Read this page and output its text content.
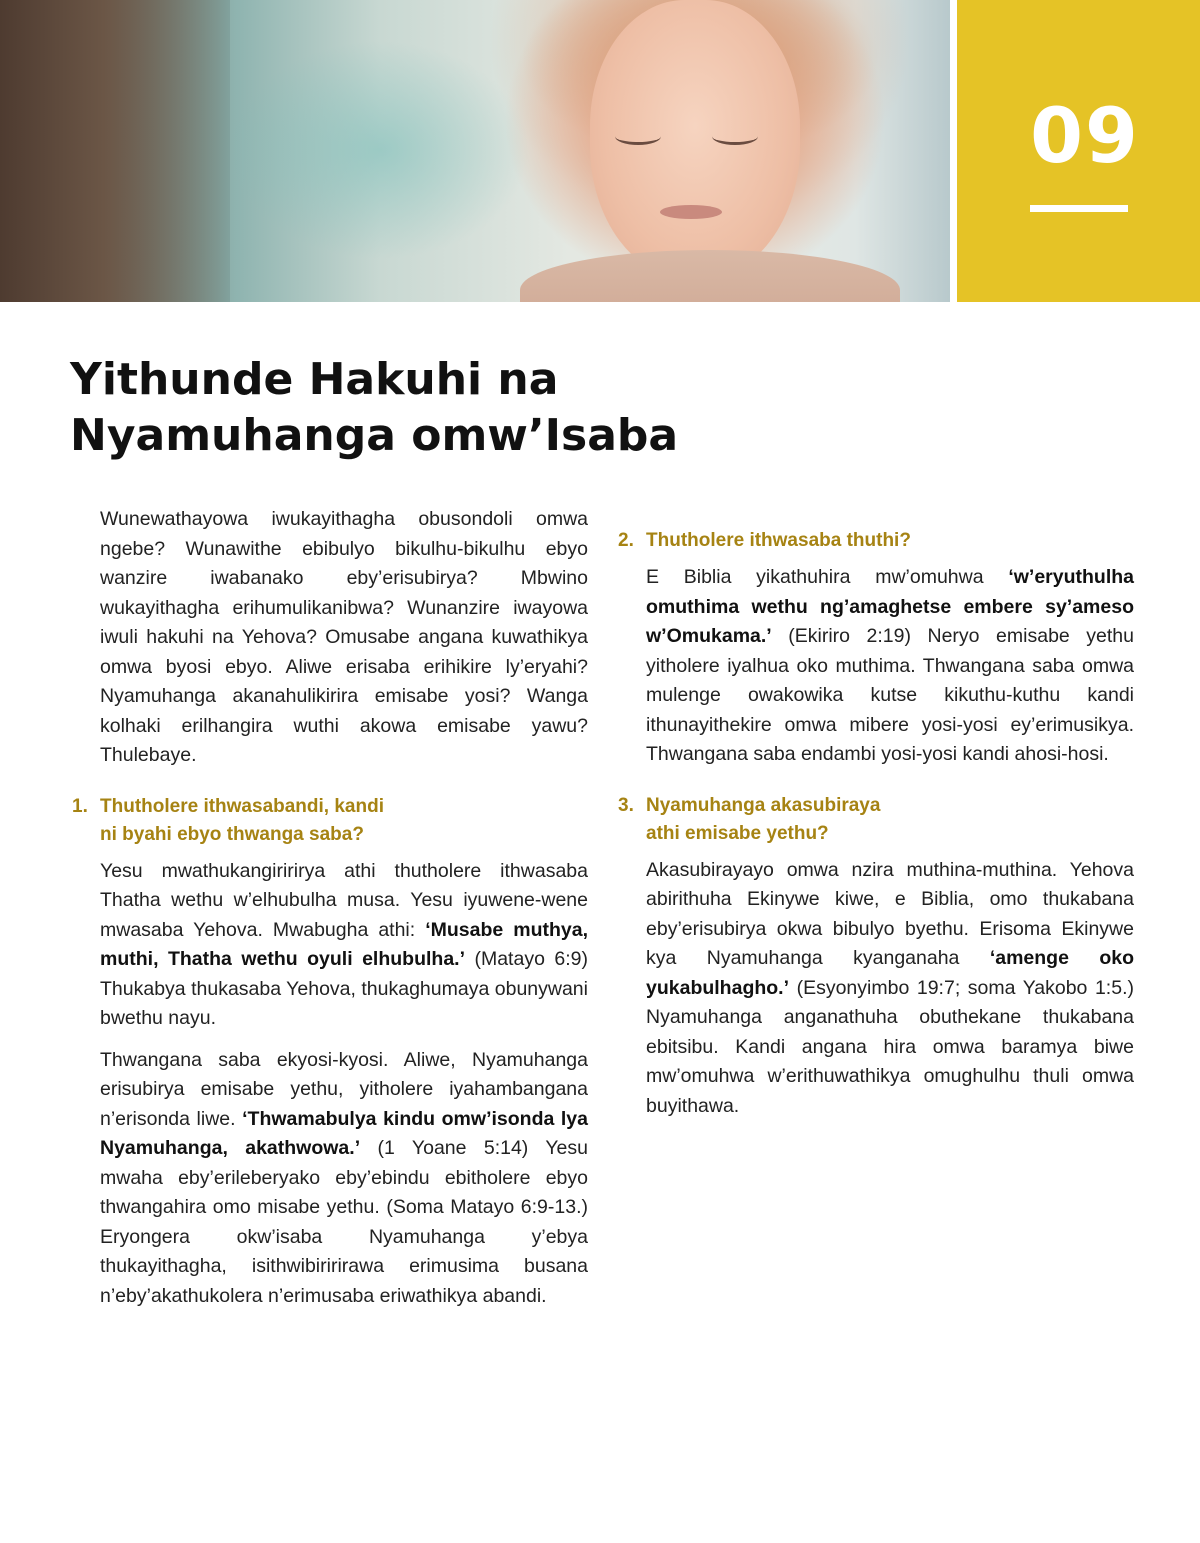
09
Yithunde Hakuhi na
Nyamuhanga omw’Isaba

Wunewathayowa iwukayithagha obusondoli omwa ngebe? Wunawithe ebibulyo bikulhu-bikulhu ebyo wanzire iwabanako eby’erisubirya? Mbwino wukayithagha erihumulikanibwa? Wunanzire iwayowa iwuli hakuhi na Yehova? Omusabe angana kuwathikya omwa byosi ebyo. Aliwe erisaba erihikire ly’eryahi? Nyamuhanga akanahulikirira emisabe yosi? Wanga kolhaki erilhangira wuthi akowa emisabe yawu? Thulebaye.

1. Thutholere ithwasabandi, kandi
ni byahi ebyo thwanga saba?

Yesu mwathukangiririrya athi thutholere ithwasaba Thatha wethu w’elhubulha musa. Yesu iyuwene-wene mwasaba Yehova. Mwabugha athi: ‘Musabe muthya, muthi, Thatha wethu oyuli elhubulha.’ (Matayo 6:9) Thukabya thukasaba Yehova, thukaghumaya obunywani bwethu nayu.

Thwangana saba ekyosi-kyosi. Aliwe, Nyamuhanga erisubirya emisabe yethu, yitholere iyahambangana n’erisonda liwe. ‘Thwamabulya kindu omw’isonda lya Nyamuhanga, akathwowa.’ (1 Yoane 5:14) Yesu mwaha eby’erileberyako eby’ebindu ebitholere ebyo thwangahira omo misabe yethu. (Soma Matayo 6:9-13.) Eryongera okw’isaba Nyamuhanga y’ebya thukayithagha, isithwibiririrawa erimusima busana n’eby’akathukolera n’erimusaba eriwathikya abandi.

2. Thutholere ithwasaba thuthi?

E Biblia yikathuhira mw’omuhwa ‘w’eryuthulha omuthima wethu ng’amaghetse embere sy’ameso w’Omukama.’ (Ekiriro 2:19) Neryo emisabe yethu yitholere iyalhua oko muthima. Thwangana saba omwa mulenge owakowika kutse kikuthu-kuthu kandi ithunayithekire omwa mibere yosi-yosi ey’erimusikya. Thwangana saba endambi yosi-yosi kandi ahosi-hosi.

3. Nyamuhanga akasubiraya
athi emisabe yethu?

Akasubirayayo omwa nzira muthina-muthina. Yehova abirithuha Ekinywe kiwe, e Biblia, omo thukabana eby’erisubirya okwa bibulyo byethu. Erisoma Ekinywe kya Nyamuhanga kyanganaha ‘amenge oko yukabulhagho.’ (Esyonyimbo 19:7; soma Yakobo 1:5.) Nyamuhanga anganathuha obuthekane thukabana ebitsibu. Kandi angana hira omwa baramya biwe mw’omuhwa w’erithuwathikya omughulhu thuli omwa buyithawa.
